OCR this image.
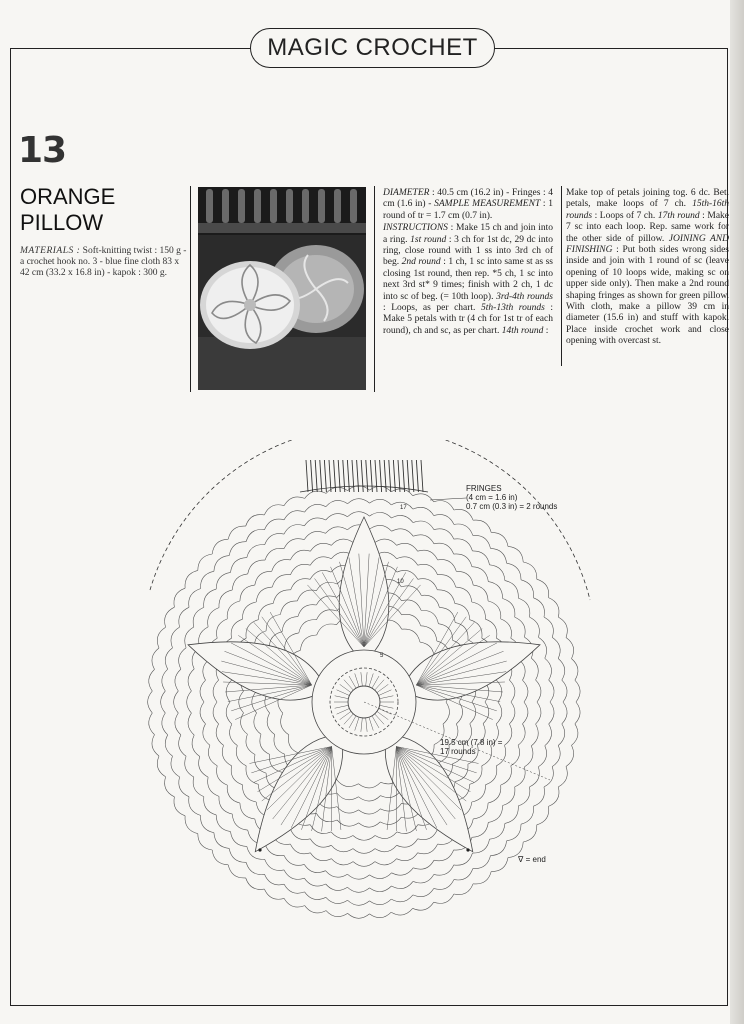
MAGIC CROCHET
13
ORANGE
PILLOW
MATERIALS : Soft-knitting twist : 150 g - a crochet hook no. 3 - blue fine cloth 83 x 42 cm (33.2 x 16.8 in) - kapok : 300 g.

DIAMETER : 40.5 cm (16.2 in) - Fringes : 4 cm (1.6 in) - SAMPLE MEASUREMENT : 1 round of tr = 1.7 cm (0.7 in).

INSTRUCTIONS : Make 15 ch and join into a ring. 1st round : 3 ch for 1st dc, 29 dc into ring, close round with 1 ss into 3rd ch of beg. 2nd round : 1 ch, 1 sc into same st as ss closing 1st round, then rep. *5 ch, 1 sc into next 3rd st* 9 times; finish with 2 ch, 1 dc into sc of beg. (= 10th loop). 3rd-4th rounds : Loops, as per chart. 5th-13th rounds : Make 5 petals with tr (4 ch for 1st tr of each round), ch and sc, as per chart. 14th round :

Make top of petals joining tog. 6 dc. Bet. petals, make loops of 7 ch. 15th-16th rounds : Loops of 7 ch. 17th round : Make 7 sc into each loop. Rep. same work for the other side of pillow. JOINING AND FINISHING : Put both sides wrong sides inside and join with 1 round of sc (leave opening of 10 loops wide, making sc on upper side only). Then make a 2nd round shaping fringes as shown for green pillow. With cloth, make a pillow 39 cm in diameter (15.6 in) and stuff with kapok. Place inside crochet work and close opening with overcast st.

FRINGES
(4 cm = 1.6 in)
0.7 cm (0.3 in) = 2 rounds
19.5 cm (7.8 in) =
17 rounds
∇ = end
17
10
5
